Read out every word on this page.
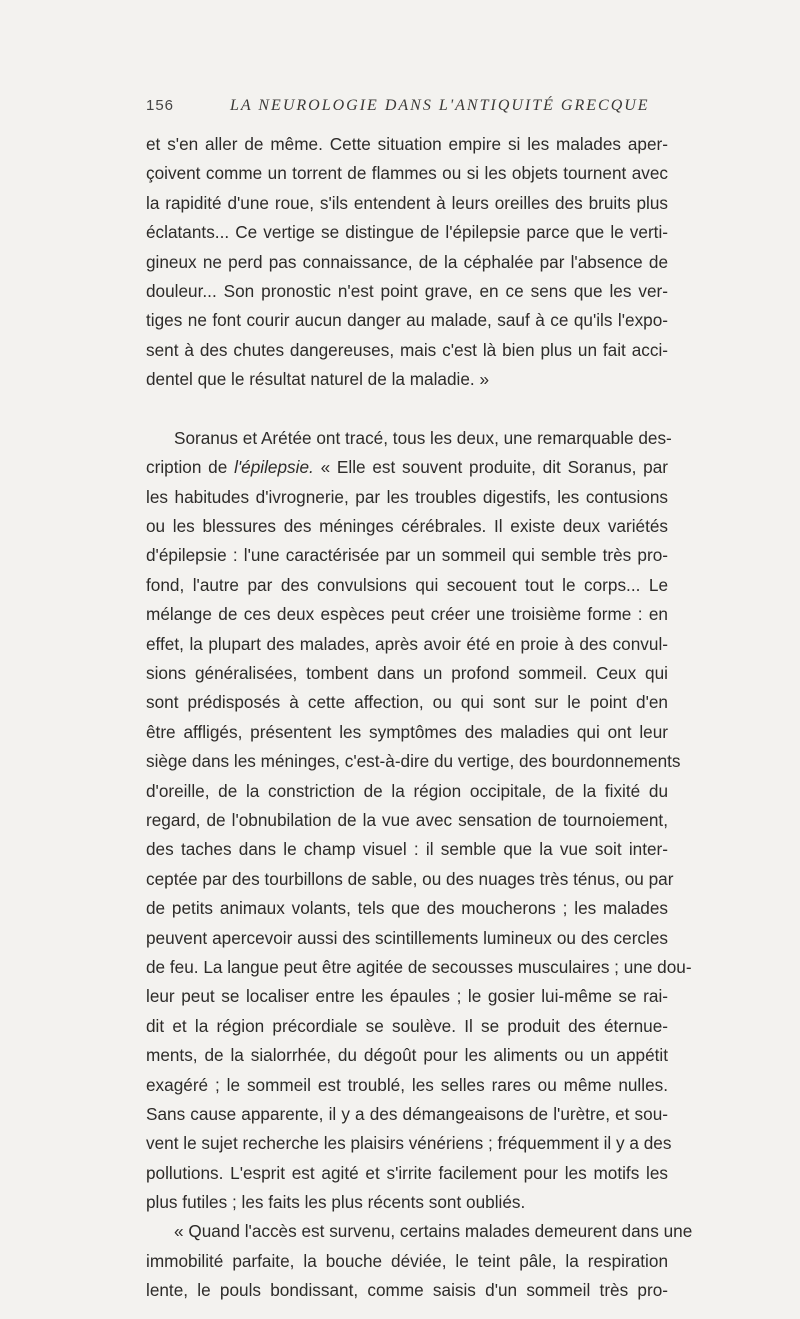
156	LA NEUROLOGIE DANS L'ANTIQUITÉ GRECQUE
et s'en aller de même. Cette situation empire si les malades aper-
çoivent comme un torrent de flammes ou si les objets tournent avec
la rapidité d'une roue, s'ils entendent à leurs oreilles des bruits plus
éclatants... Ce vertige se distingue de l'épilepsie parce que le verti-
gineux ne perd pas connaissance, de la céphalée par l'absence de
douleur... Son pronostic n'est point grave, en ce sens que les ver-
tiges ne font courir aucun danger au malade, sauf à ce qu'ils l'expo-
sent à des chutes dangereuses, mais c'est là bien plus un fait acci-
dentel que le résultat naturel de la maladie. »
Soranus et Arétée ont tracé, tous les deux, une remarquable des-
cription de l'épilepsie. « Elle est souvent produite, dit Soranus, par
les habitudes d'ivrognerie, par les troubles digestifs, les contusions
ou les blessures des méninges cérébrales. Il existe deux variétés
d'épilepsie : l'une caractérisée par un sommeil qui semble très pro-
fond, l'autre par des convulsions qui secouent tout le corps... Le
mélange de ces deux espèces peut créer une troisième forme : en
effet, la plupart des malades, après avoir été en proie à des convul-
sions généralisées, tombent dans un profond sommeil. Ceux qui
sont prédisposés à cette affection, ou qui sont sur le point d'en
être affligés, présentent les symptômes des maladies qui ont leur
siège dans les méninges, c'est-à-dire du vertige, des bourdonnements
d'oreille, de la constriction de la région occipitale, de la fixité du
regard, de l'obnubilation de la vue avec sensation de tournoiement,
des taches dans le champ visuel : il semble que la vue soit inter-
ceptée par des tourbillons de sable, ou des nuages très ténus, ou par
de petits animaux volants, tels que des moucherons ; les malades
peuvent apercevoir aussi des scintillements lumineux ou des cercles
de feu. La langue peut être agitée de secousses musculaires ; une dou-
leur peut se localiser entre les épaules ; le gosier lui-même se rai-
dit et la région précordiale se soulève. Il se produit des éternue-
ments, de la sialorrhée, du dégoût pour les aliments ou un appétit
exagéré ; le sommeil est troublé, les selles rares ou même nulles.
Sans cause apparente, il y a des démangeaisons de l'urètre, et sou-
vent le sujet recherche les plaisirs vénériens ; fréquemment il y a des
pollutions. L'esprit est agité et s'irrite facilement pour les motifs les
plus futiles ; les faits les plus récents sont oubliés.
« Quand l'accès est survenu, certains malades demeurent dans une
immobilité parfaite, la bouche déviée, le teint pâle, la respiration
lente, le pouls bondissant, comme saisis d'un sommeil très pro-
